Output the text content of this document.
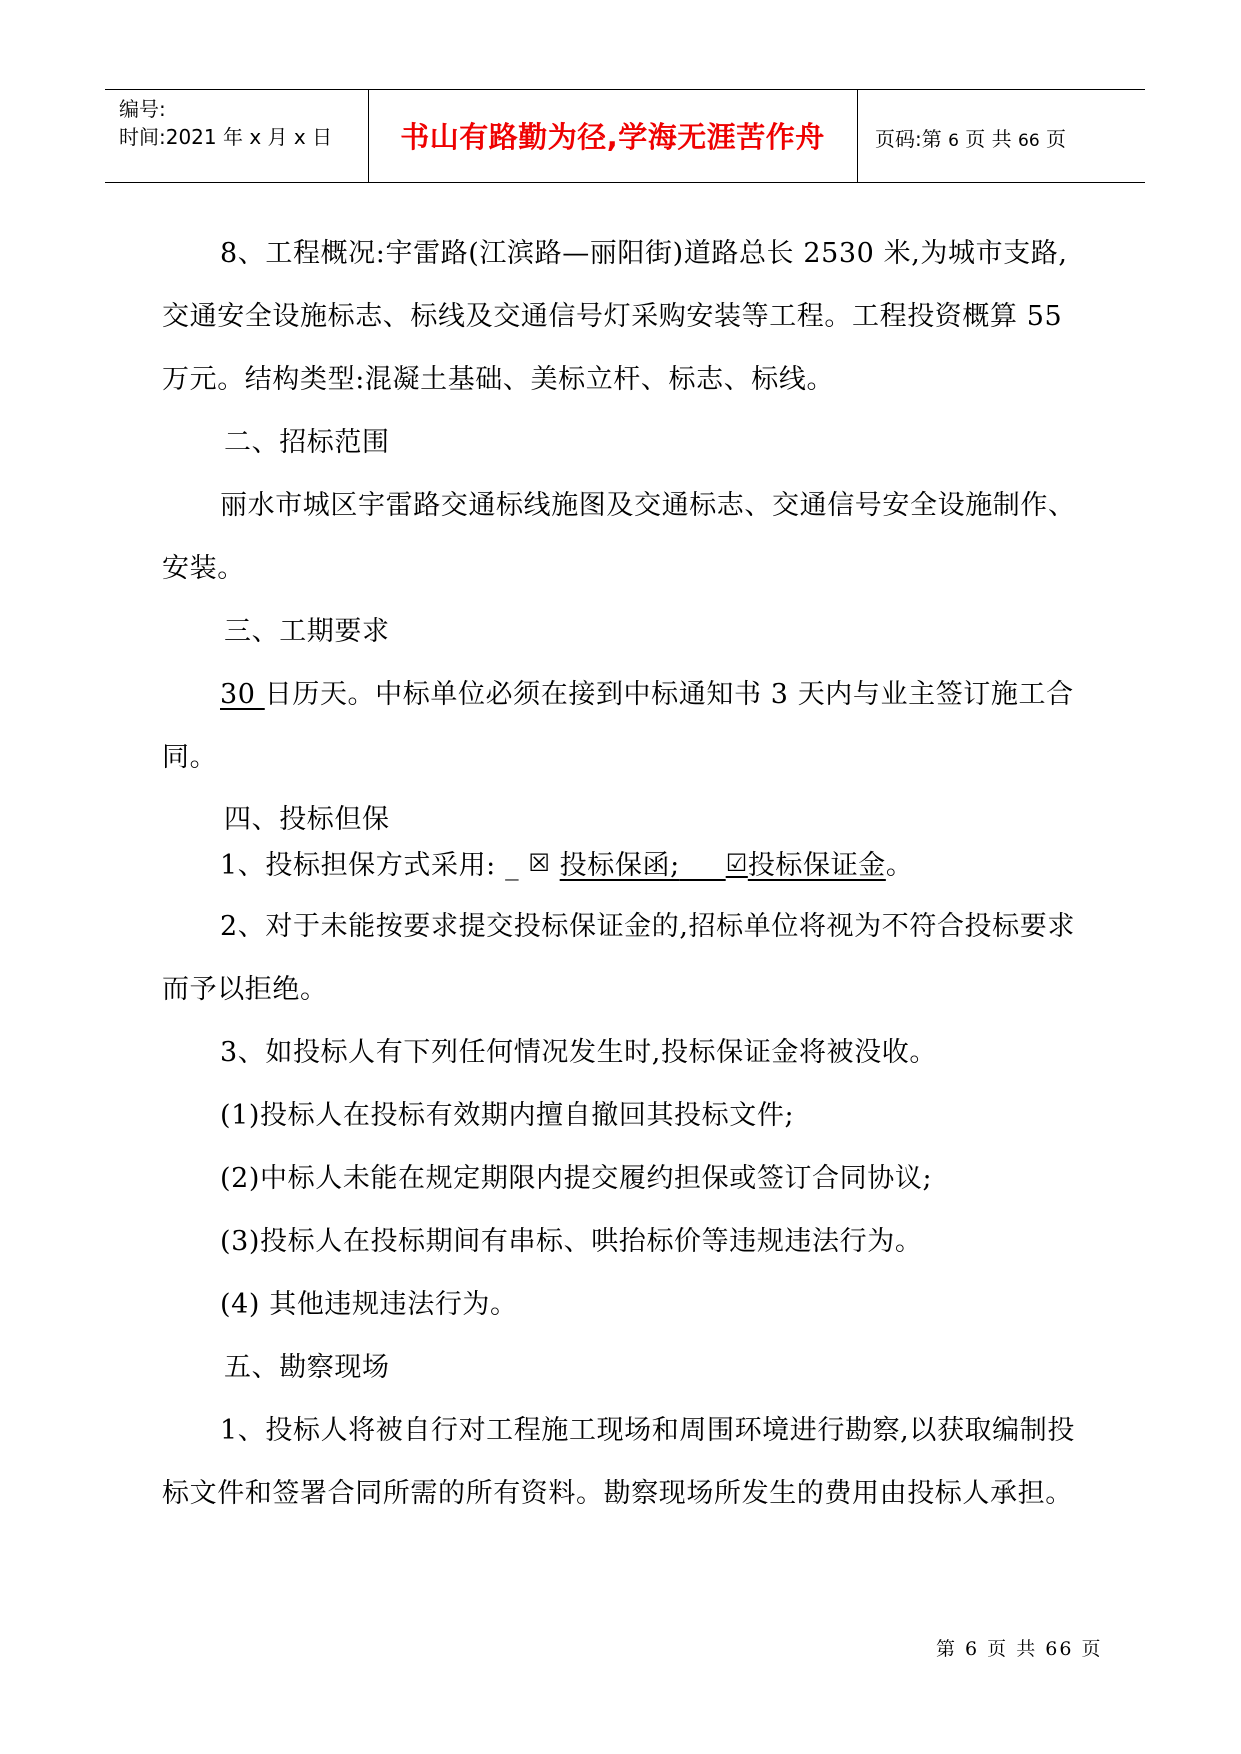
编号:
时间:2021 年 x 月 x 日	书山有路勤为径,学海无涯苦作舟	页码:第 6 页 共 66 页

8、工程概况:宇雷路(江滨路—丽阳街)道路总长 2530 米,为城市支路,交通安全设施标志、标线及交通信号灯采购安装等工程。工程投资概算 55 万元。结构类型:混凝土基础、美标立杆、标志、标线。

二、招标范围

丽水市城区宇雷路交通标线施图及交通标志、交通信号安全设施制作、安装。

三、工期要求

30 日历天。中标单位必须在接到中标通知书 3 天内与业主签订施工合同。

四、投标但保

1、投标担保方式采用: _ ☒ 投标保函; ☑投标保证金。

2、对于未能按要求提交投标保证金的,招标单位将视为不符合投标要求而予以拒绝。

3、如投标人有下列任何情况发生时,投标保证金将被没收。

(1)投标人在投标有效期内擅自撤回其投标文件;

(2)中标人未能在规定期限内提交履约担保或签订合同协议;

(3)投标人在投标期间有串标、哄抬标价等违规违法行为。

(4) 其他违规违法行为。

五、勘察现场

1、投标人将被自行对工程施工现场和周围环境进行勘察,以获取编制投标文件和签署合同所需的所有资料。勘察现场所发生的费用由投标人承担。

第 6 页 共 66 页
